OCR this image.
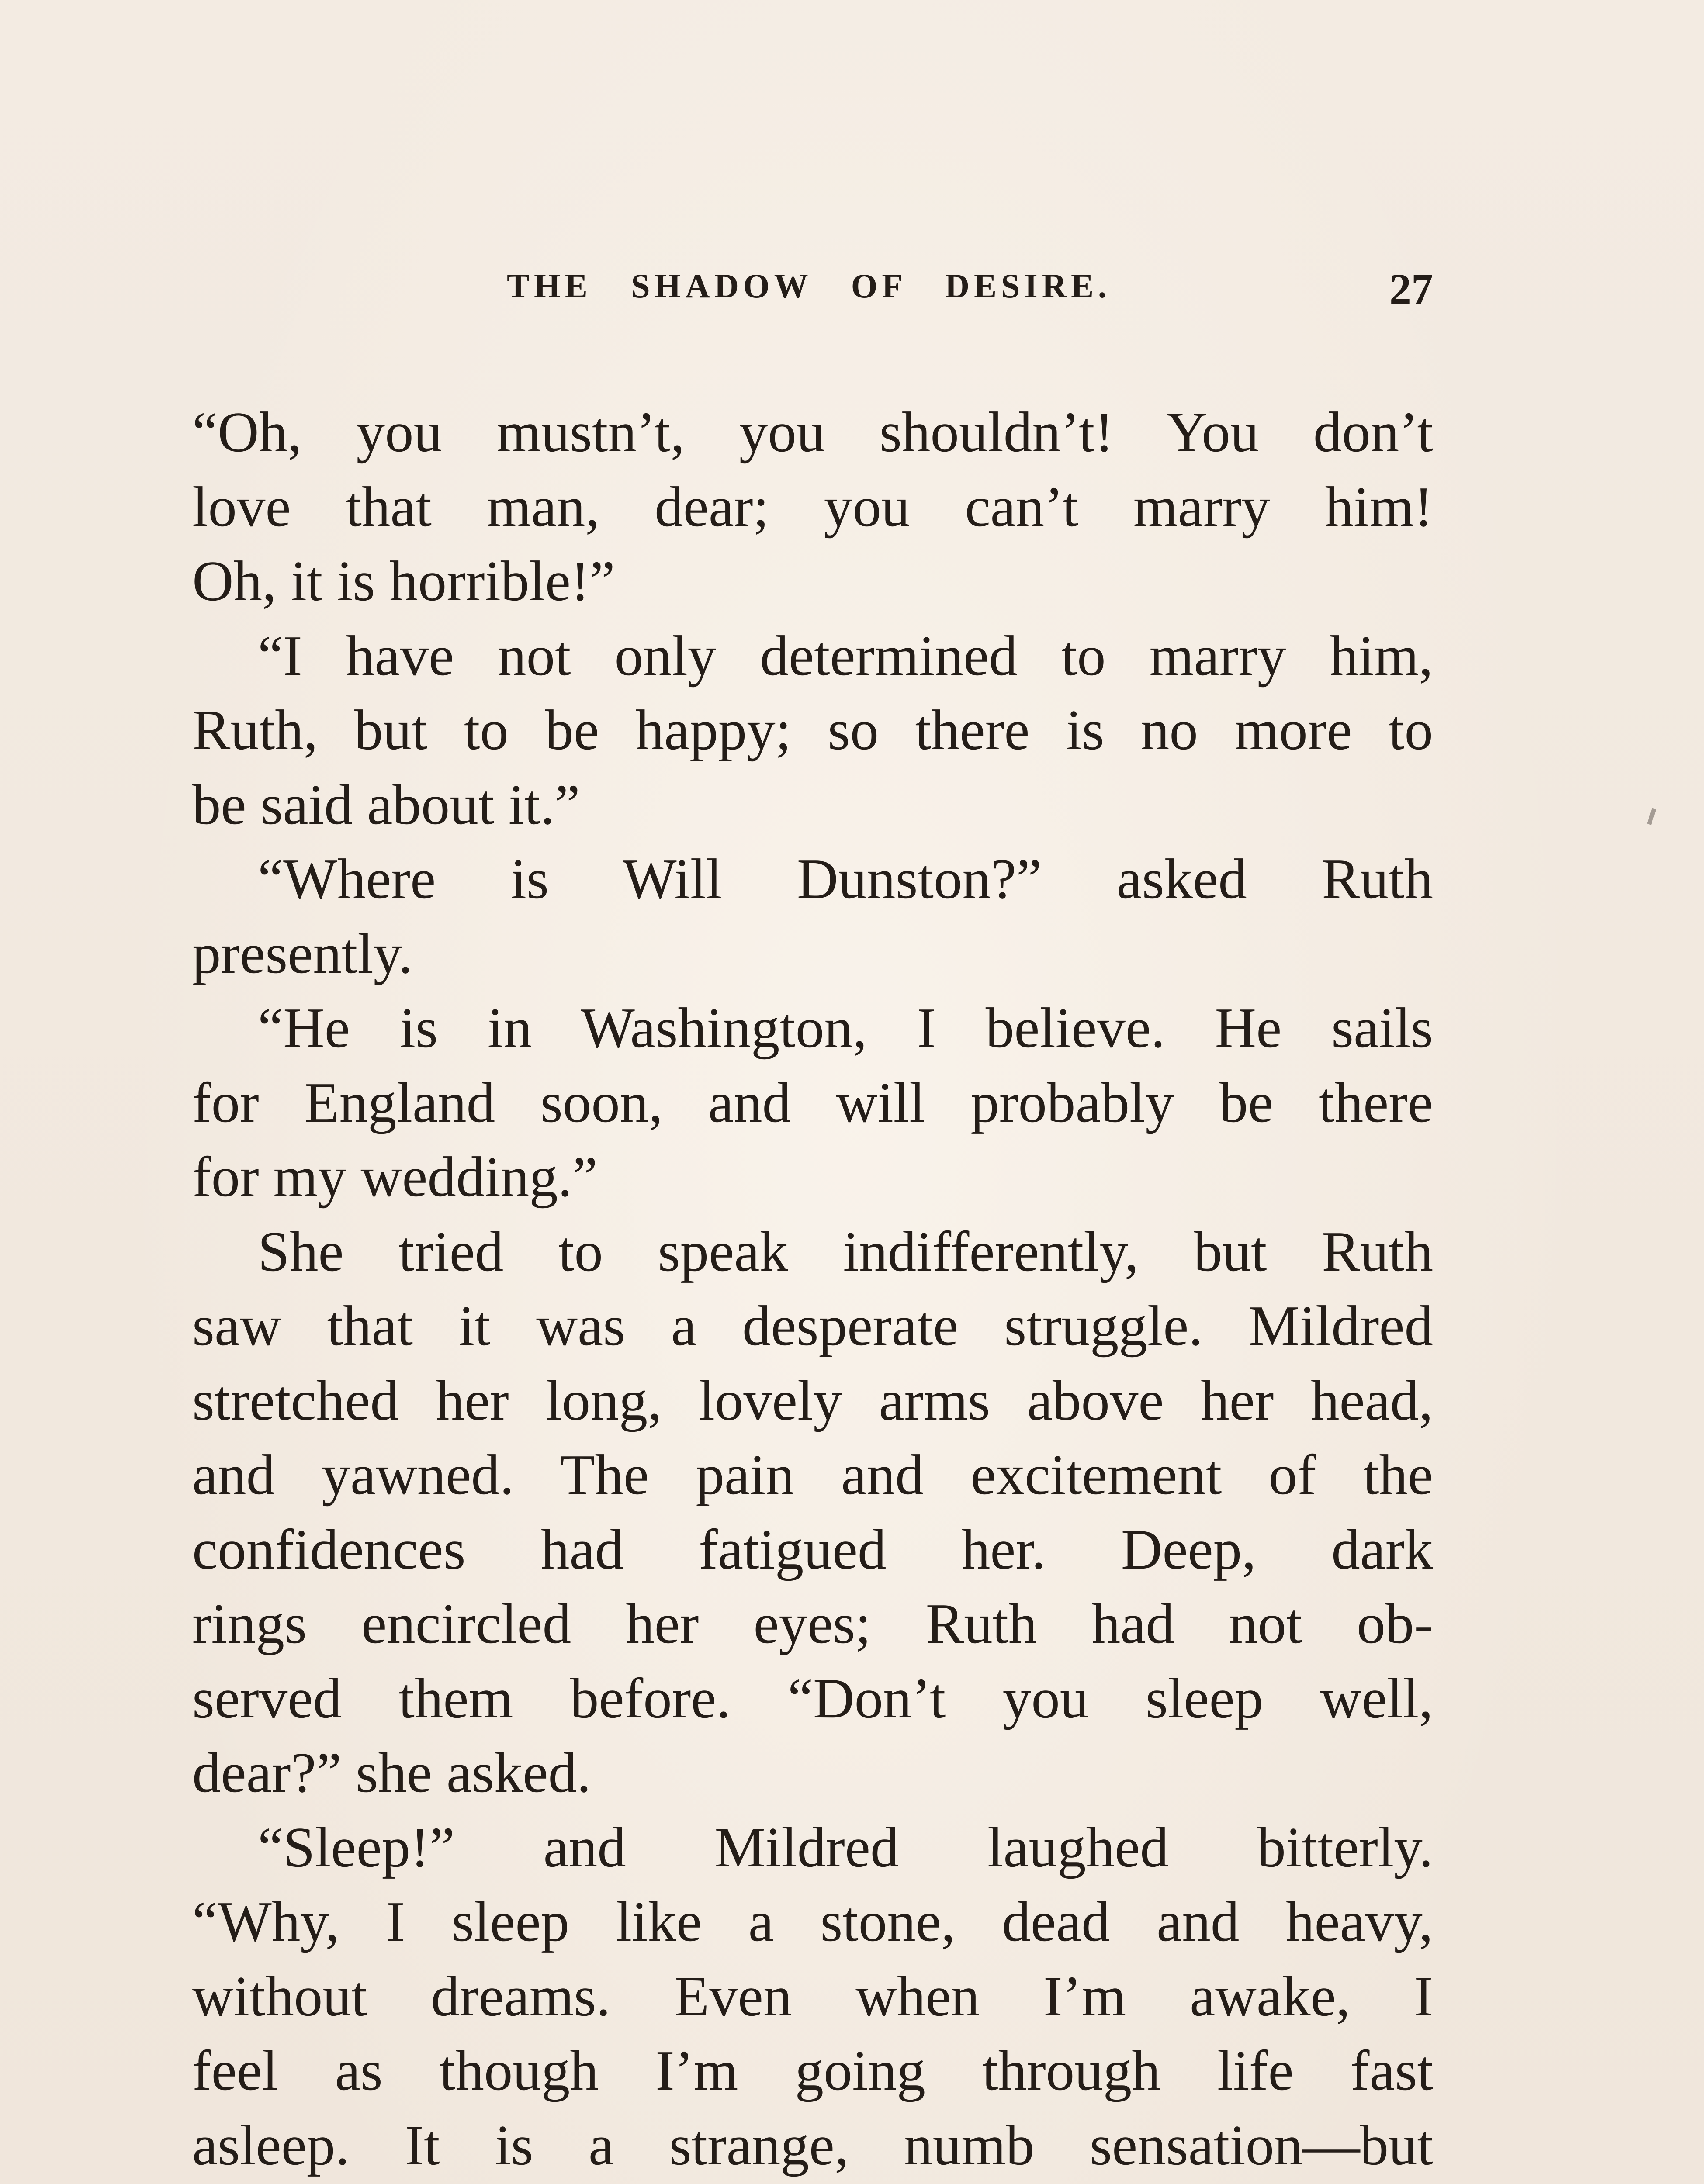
THE SHADOW OF DESIRE.	27
“Oh, you mustn’t, you shouldn’t! You don’t
love that man, dear; you can’t marry him!
Oh, it is horrible!”
“I have not only determined to marry him,
Ruth, but to be happy; so there is no more to
be said about it.”
“Where is Will Dunston?” asked Ruth
presently.
“He is in Washington, I believe. He sails
for England soon, and will probably be there
for my wedding.”
She tried to speak indifferently, but Ruth
saw that it was a desperate struggle. Mildred
stretched her long, lovely arms above her head,
and yawned. The pain and excitement of the
confidences had fatigued her. Deep, dark
rings encircled her eyes; Ruth had not ob-
served them before. “Don’t you sleep well,
dear?” she asked.
“Sleep!” and Mildred laughed bitterly.
“Why, I sleep like a stone, dead and heavy,
without dreams. Even when I’m awake, I
feel as though I’m going through life fast
asleep. It is a strange, numb sensation—but
